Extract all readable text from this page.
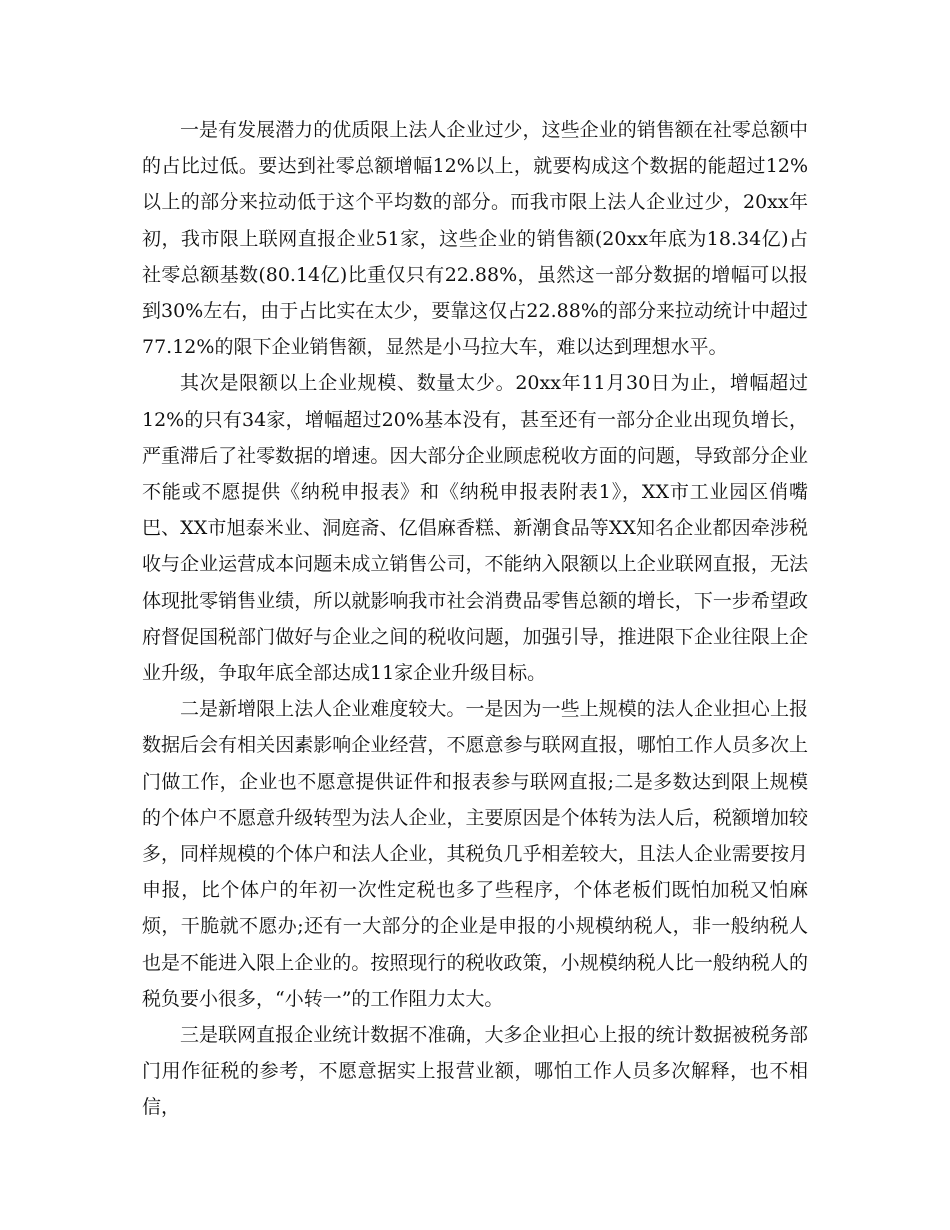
一是有发展潜力的优质限上法人企业过少，这些企业的销售额在社零总额中的占比过低。要达到社零总额增幅12%以上，就要构成这个数据的能超过12%以上的部分来拉动低于这个平均数的部分。而我市限上法人企业过少，20xx年初，我市限上联网直报企业51家，这些企业的销售额(20xx年底为18.34亿)占社零总额基数(80.14亿)比重仅只有22.88%，虽然这一部分数据的增幅可以报到30%左右，由于占比实在太少，要靠这仅占22.88%的部分来拉动统计中超过77.12%的限下企业销售额，显然是小马拉大车，难以达到理想水平。

其次是限额以上企业规模、数量太少。20xx年11月30日为止，增幅超过12%的只有34家，增幅超过20%基本没有，甚至还有一部分企业出现负增长，严重滞后了社零数据的增速。因大部分企业顾虑税收方面的问题，导致部分企业不能或不愿提供《纳税申报表》和《纳税申报表附表1》，XX市工业园区俏嘴巴、XX市旭泰米业、洞庭斋、亿倡麻香糕、新潮食品等XX知名企业都因牵涉税收与企业运营成本问题未成立销售公司，不能纳入限额以上企业联网直报，无法体现批零销售业绩，所以就影响我市社会消费品零售总额的增长，下一步希望政府督促国税部门做好与企业之间的税收问题，加强引导，推进限下企业往限上企业升级，争取年底全部达成11家企业升级目标。

二是新增限上法人企业难度较大。一是因为一些上规模的法人企业担心上报数据后会有相关因素影响企业经营，不愿意参与联网直报，哪怕工作人员多次上门做工作，企业也不愿意提供证件和报表参与联网直报;二是多数达到限上规模的个体户不愿意升级转型为法人企业，主要原因是个体转为法人后，税额增加较多，同样规模的个体户和法人企业，其税负几乎相差较大，且法人企业需要按月申报，比个体户的年初一次性定税也多了些程序，个体老板们既怕加税又怕麻烦，干脆就不愿办;还有一大部分的企业是申报的小规模纳税人，非一般纳税人也是不能进入限上企业的。按照现行的税收政策，小规模纳税人比一般纳税人的税负要小很多，“小转一”的工作阻力太大。

三是联网直报企业统计数据不准确，大多企业担心上报的统计数据被税务部门用作征税的参考，不愿意据实上报营业额，哪怕工作人员多次解释，也不相信，
